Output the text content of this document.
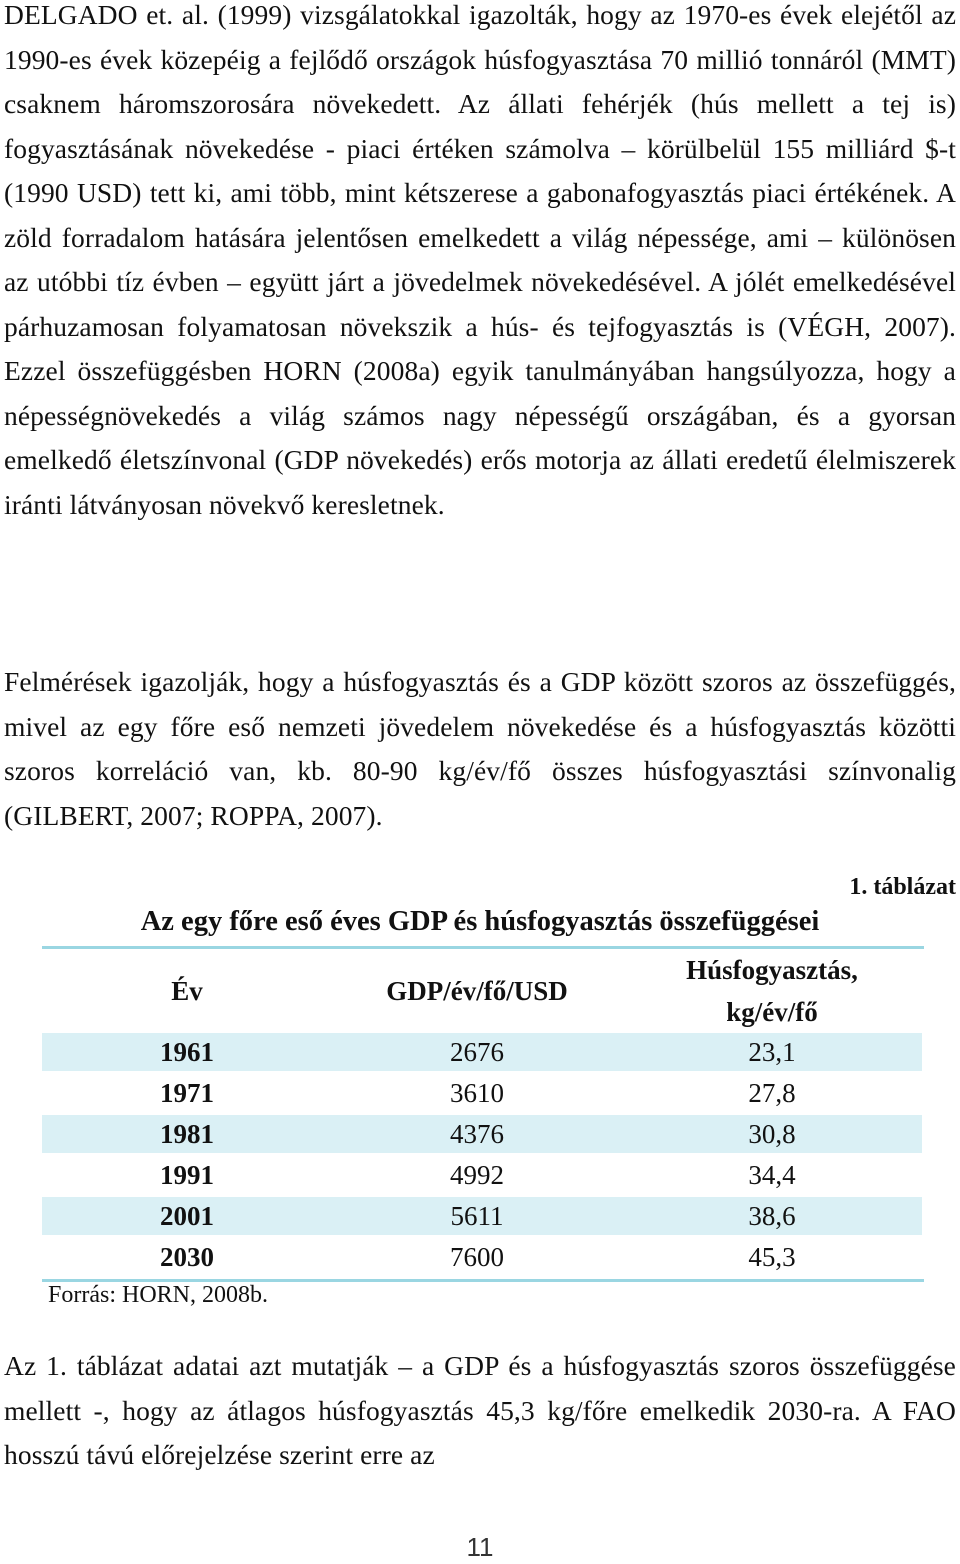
DELGADO et. al. (1999) vizsgálatokkal igazolták, hogy az 1970-es évek elejétől az 1990-es évek közepéig a fejlődő országok húsfogyasztása 70 millió tonnáról (MMT) csaknem háromszorosára növekedett. Az állati fehérjék (hús mellett a tej is) fogyasztásának növekedése - piaci értéken számolva – körülbelül 155 milliárd $-t (1990 USD) tett ki, ami több, mint kétszerese a gabonafogyasztás piaci értékének. A zöld forradalom hatására jelentősen emelkedett a világ népessége, ami – különösen az utóbbi tíz évben – együtt járt a jövedelmek növekedésével. A jólét emelkedésével párhuzamosan folyamatosan növekszik a hús- és tejfogyasztás is (VÉGH, 2007). Ezzel összefüggésben HORN (2008a) egyik tanulmányában hangsúlyozza, hogy a népességnövekedés a világ számos nagy népességű országában, és a gyorsan emelkedő életszínvonal (GDP növekedés) erős motorja az állati eredetű élelmiszerek iránti látványosan növekvő keresletnek.

Felmérések igazolják, hogy a húsfogyasztás és a GDP között szoros az összefüggés, mivel az egy főre eső nemzeti jövedelem növekedése és a húsfogyasztás közötti szoros korreláció van, kb. 80-90 kg/év/fő összes húsfogyasztási színvonalig (GILBERT, 2007; ROPPA, 2007).

1. táblázat
Az egy főre eső éves GDP és húsfogyasztás összefüggései
Év	GDP/év/fő/USD	Húsfogyasztás,
kg/év/fő
1961	2676	23,1
1971	3610	27,8
1981	4376	30,8
1991	4992	34,4
2001	5611	38,6
2030	7600	45,3
Forrás: HORN, 2008b.

Az 1. táblázat adatai azt mutatják – a GDP és a húsfogyasztás szoros összefüggése mellett -, hogy az átlagos húsfogyasztás 45,3 kg/főre emelkedik 2030-ra. A FAO hosszú távú előrejelzése szerint erre az

11
